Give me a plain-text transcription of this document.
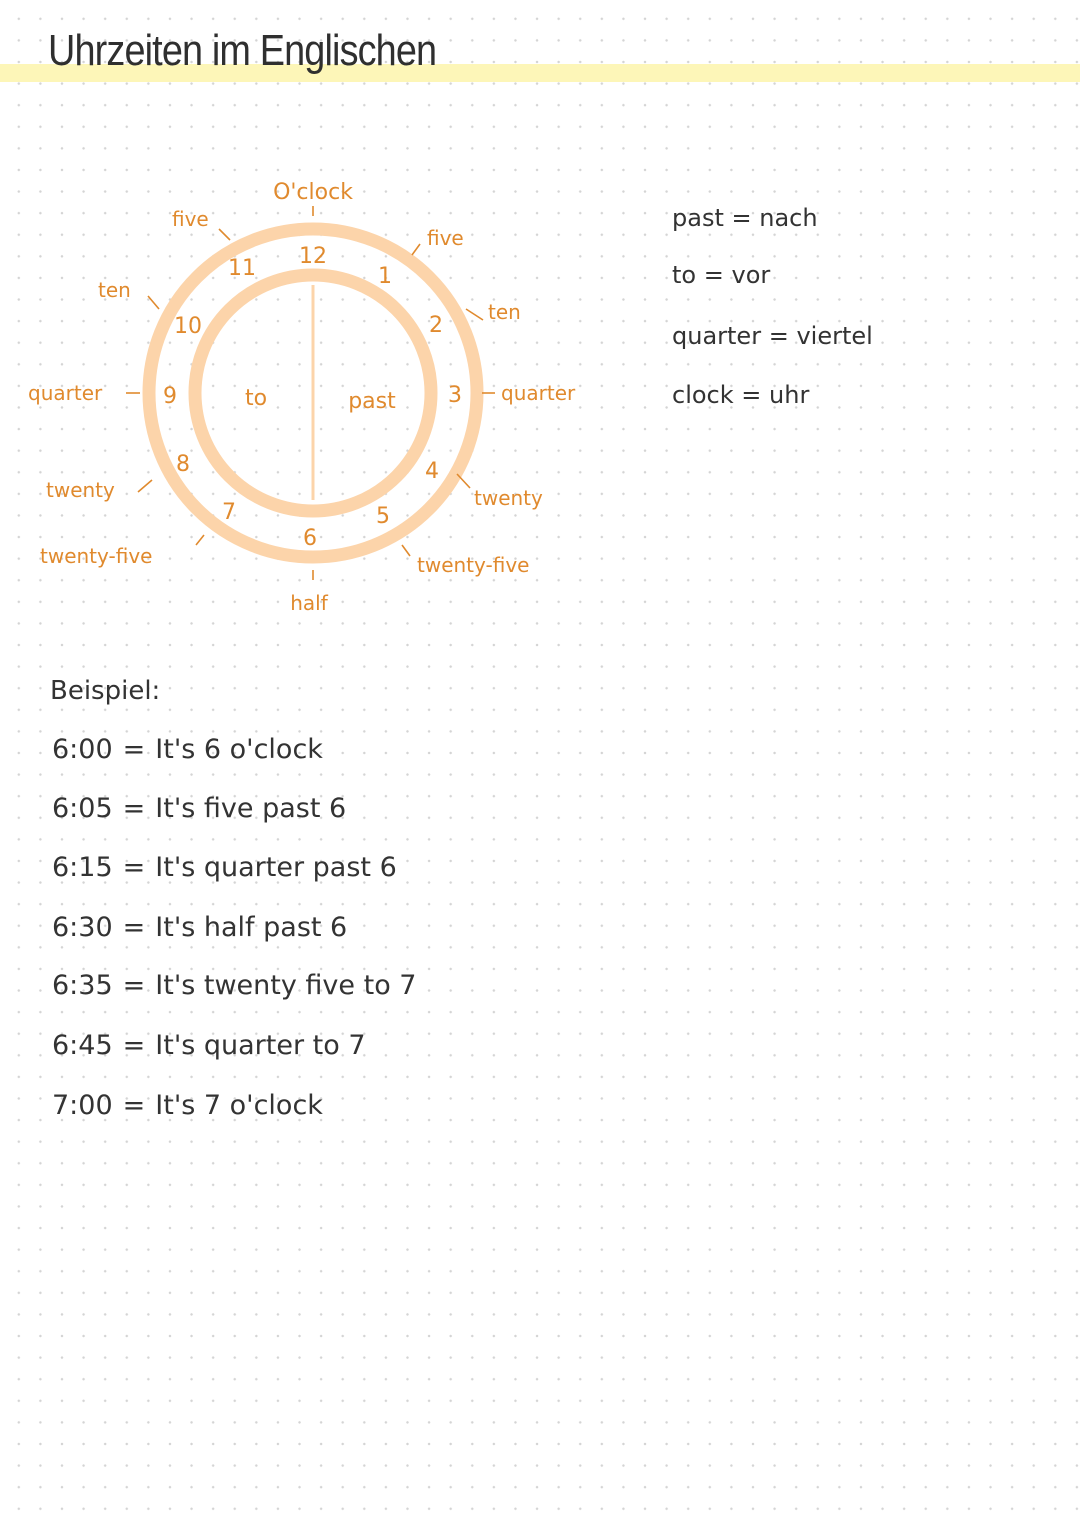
Uhrzeiten im Englischen
O'clock
half
12
1
2
3
4
5
6
7
8
9
10
11
to	past
five
ten
quarter
twenty
twenty-five
five
ten
quarter
twenty
twenty-five
past = nach
to = vor
quarter = viertel
clock = uhr
Beispiel:
6:00 = It's 6 o'clock
6:05 = It's five past 6
6:15 = It's quarter past 6
6:30 = It's half past 6
6:35 = It's twenty five to 7
6:45 = It's quarter to 7
7:00 = It's 7 o'clock
